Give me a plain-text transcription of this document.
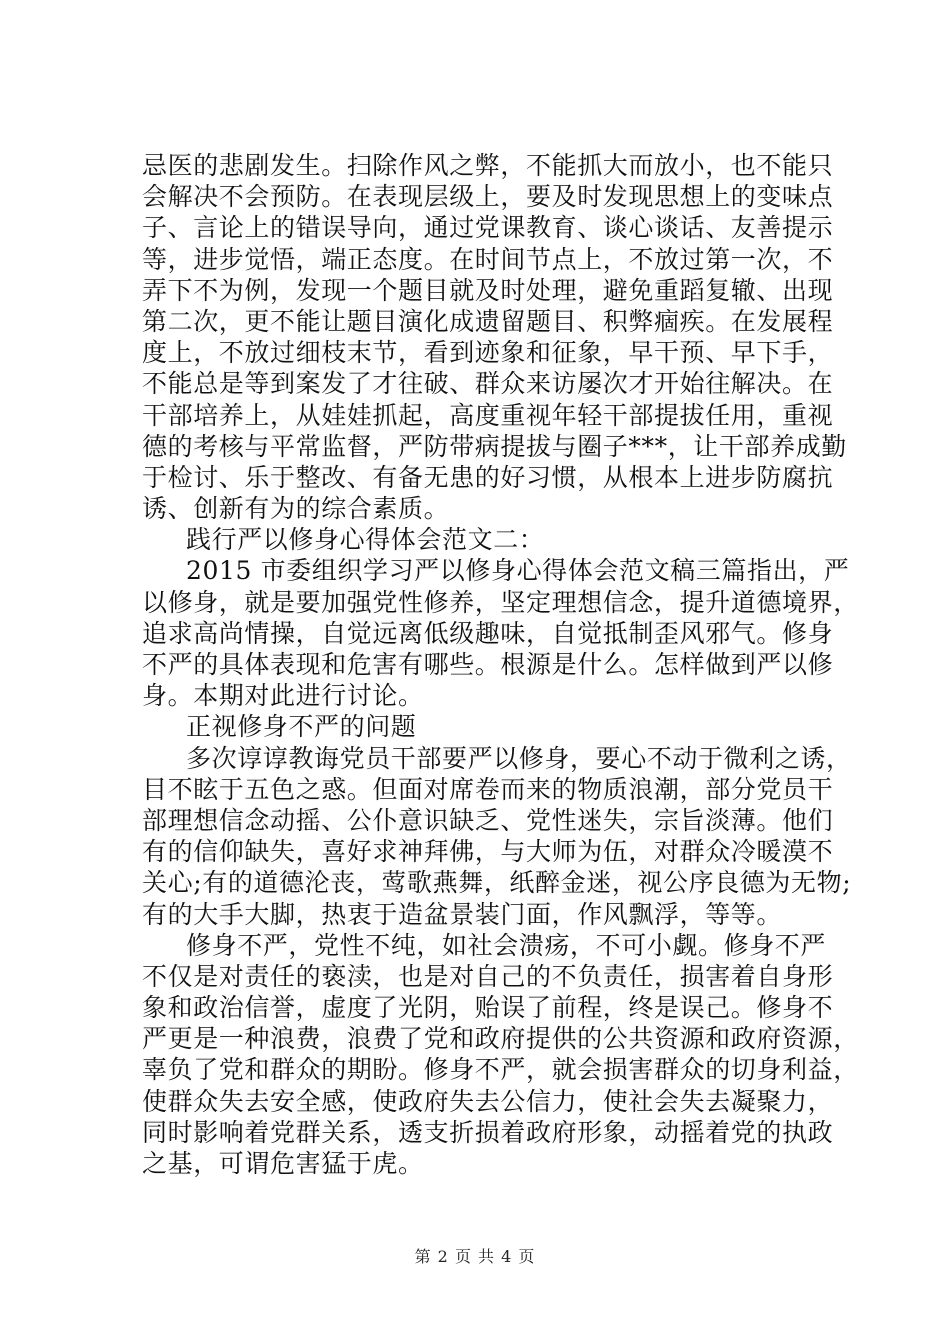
忌医的悲剧发生。扫除作风之弊，不能抓大而放小，也不能只
会解决不会预防。在表现层级上，要及时发现思想上的变味点
子、言论上的错误导向，通过党课教育、谈心谈话、友善提示
等，进步觉悟，端正态度。在时间节点上，不放过第一次，不
弄下不为例，发现一个题目就及时处理，避免重蹈复辙、出现
第二次，更不能让题目演化成遗留题目、积弊痼疾。在发展程
度上，不放过细枝末节，看到迹象和征象，早干预、早下手，
不能总是等到案发了才往破、群众来访屡次才开始往解决。在
干部培养上，从娃娃抓起，高度重视年轻干部提拔任用，重视
德的考核与平常监督，严防带病提拔与圈子***，让干部养成勤
于检讨、乐于整改、有备无患的好习惯，从根本上进步防腐抗
诱、创新有为的综合素质。
践行严以修身心得体会范文二：
2015 市委组织学习严以修身心得体会范文稿三篇指出，严
以修身，就是要加强党性修养，坚定理想信念，提升道德境界，
追求高尚情操，自觉远离低级趣味，自觉抵制歪风邪气。修身
不严的具体表现和危害有哪些。根源是什么。怎样做到严以修
身。本期对此进行讨论。
正视修身不严的问题
多次谆谆教诲党员干部要严以修身，要心不动于微利之诱，
目不眩于五色之惑。但面对席卷而来的物质浪潮，部分党员干
部理想信念动摇、公仆意识缺乏、党性迷失，宗旨淡薄。他们
有的信仰缺失，喜好求神拜佛，与大师为伍，对群众冷暖漠不
关心;有的道德沦丧，莺歌燕舞，纸醉金迷，视公序良德为无物;
有的大手大脚，热衷于造盆景装门面，作风飘浮，等等。
修身不严，党性不纯，如社会溃疡，不可小觑。修身不严
不仅是对责任的亵渎，也是对自己的不负责任，损害着自身形
象和政治信誉，虚度了光阴，贻误了前程，终是误己。修身不
严更是一种浪费，浪费了党和政府提供的公共资源和政府资源，
辜负了党和群众的期盼。修身不严，就会损害群众的切身利益，
使群众失去安全感，使政府失去公信力，使社会失去凝聚力，
同时影响着党群关系，透支折损着政府形象，动摇着党的执政
之基，可谓危害猛于虎。
第 2 页 共 4 页
